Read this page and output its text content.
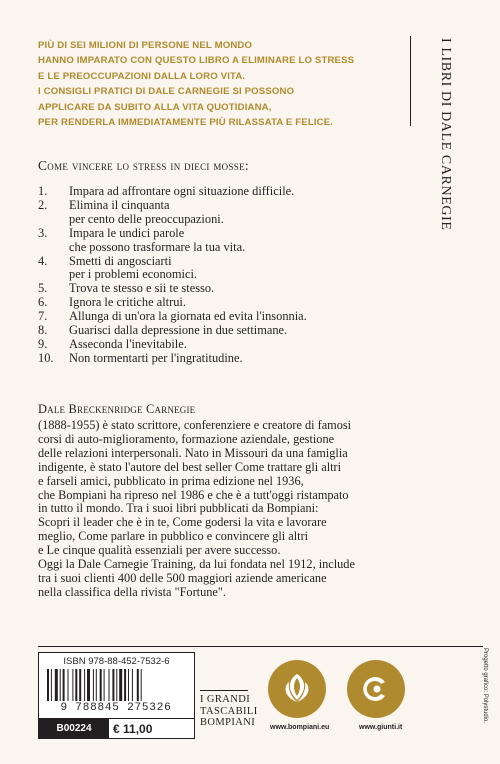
PIÙ DI SEI MILIONI DI PERSONE NEL MONDO
HANNO IMPARATO CON QUESTO LIBRO A ELIMINARE LO STRESS
E LE PREOCCUPAZIONI DALLA LORO VITA.
I CONSIGLI PRATICI DI DALE CARNEGIE SI POSSONO
APPLICARE DA SUBITO ALLA VITA QUOTIDIANA,
PER RENDERLA IMMEDIATAMENTE PIÙ RILASSATA E FELICE.	I LIBRI DI DALE CARNEGIE
Come vincere lo stress in dieci mosse:
1.	Impara ad affrontare ogni situazione difficile.
2.	Elimina il cinquanta
per cento delle preoccupazioni.
3.	Impara le undici parole
che possono trasformare la tua vita.
4.	Smetti di angosciarti
per i problemi economici.
5.	Trova te stesso e sii te stesso.
6.	Ignora le critiche altrui.
7.	Allunga di un'ora la giornata ed evita l'insonnia.
8.	Guarisci dalla depressione in due settimane.
9.	Asseconda l'inevitabile.
10.	Non tormentarti per l'ingratitudine.
Dale Breckenridge Carnegie
(1888-1955) è stato scrittore, conferenziere e creatore di famosi
corsi di auto-miglioramento, formazione aziendale, gestione
delle relazioni interpersonali. Nato in Missouri da una famiglia
indigente, è stato l'autore del best seller Come trattare gli altri
e farseli amici, pubblicato in prima edizione nel 1936,
che Bompiani ha ripreso nel 1986 e che è a tutt'oggi ristampato
in tutto il mondo. Tra i suoi libri pubblicati da Bompiani:
Scopri il leader che è in te, Come godersi la vita e lavorare
meglio, Come parlare in pubblico e convincere gli altri
e Le cinque qualità essenziali per avere successo.
Oggi la Dale Carnegie Training, da lui fondata nel 1912, include
tra i suoi clienti 400 delle 500 maggiori aziende americane
nella classifica della rivista "Fortune".
ISBN 978-88-452-7532-6
9 788845 275326
B00224	€ 11,00
I GRANDI
TASCABILI
BOMPIANI	www.bompiani.eu	www.giunti.it
Progetto grafico: Polystudio.
